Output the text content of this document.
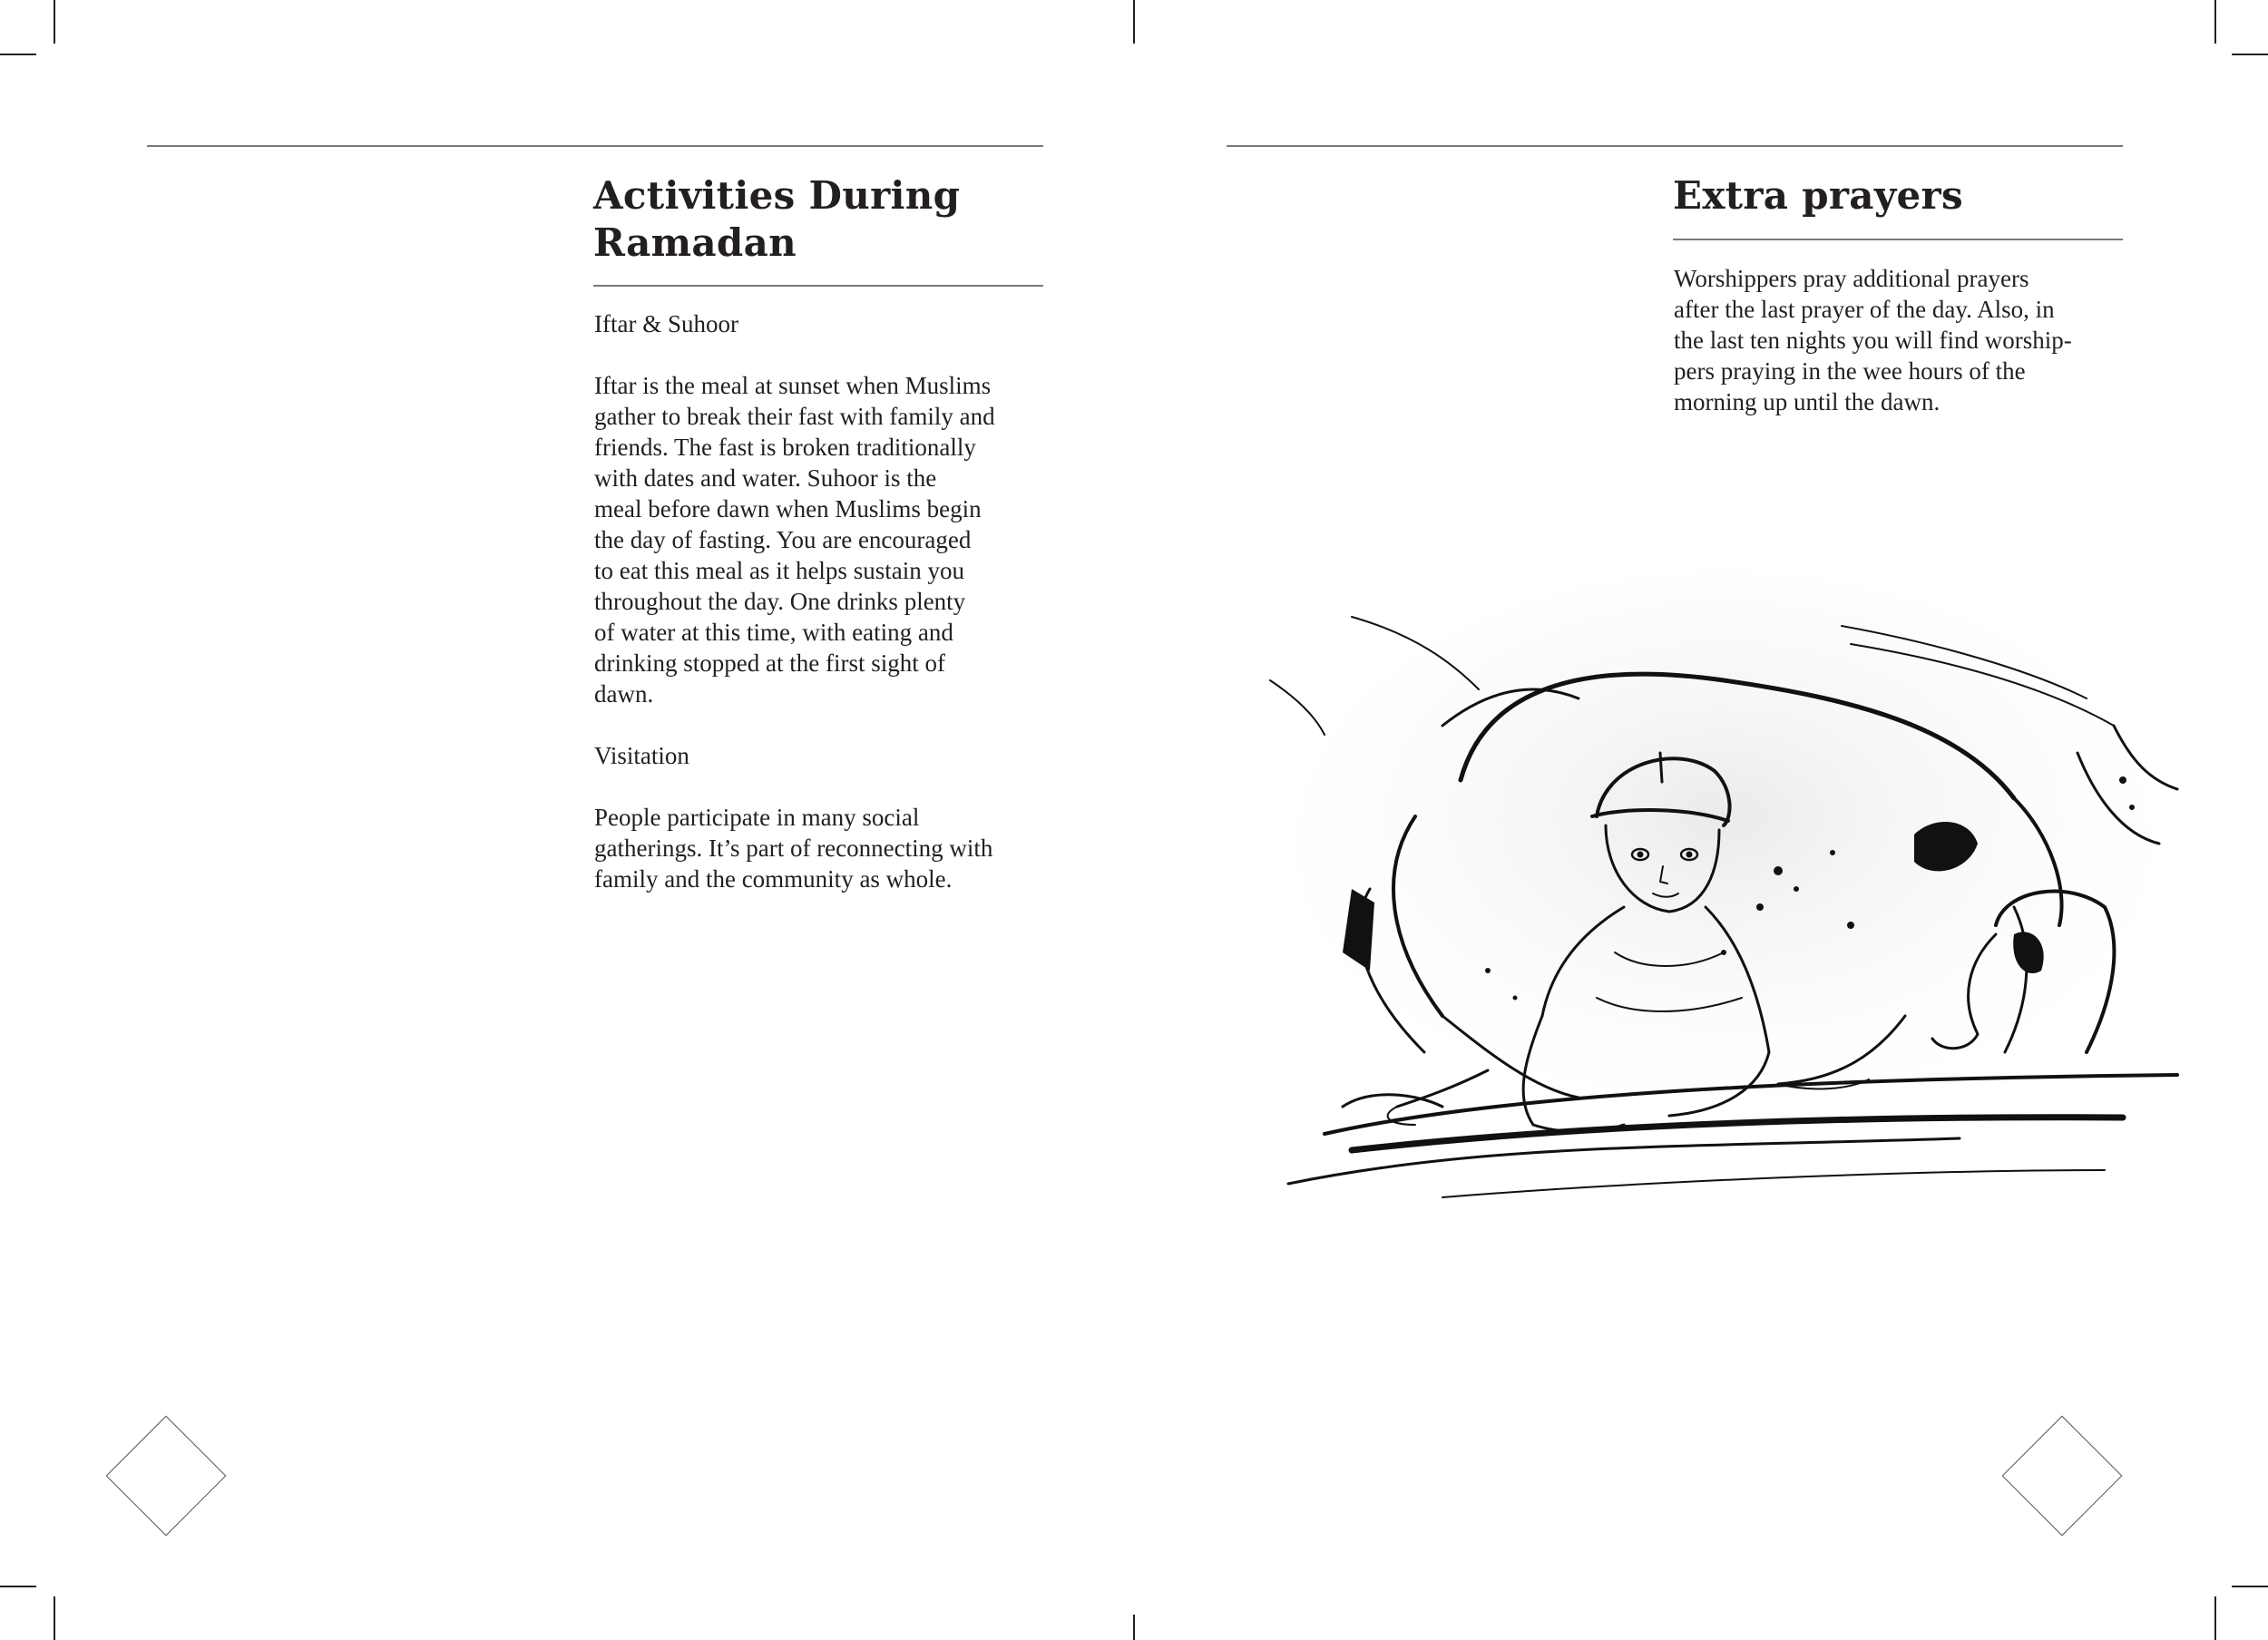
Activities During
Ramadan

Iftar & Suhoor

Iftar is the meal at sunset when Muslims

gather to break their fast with family and

friends. The fast is broken traditionally

with dates and water. Suhoor is the

meal before dawn when Muslims begin

the day of fasting. You are encouraged

to eat this meal as it helps sustain you

throughout the day. One drinks plenty

of water at this time, with eating and

drinking stopped at the first sight of

dawn.

Visitation

People participate in many social

gatherings. It’s part of reconnecting with

family and the community as whole.

Extra prayers

Worshippers pray additional prayers

after the last prayer of the day. Also, in

the last ten nights you will find worship-

pers praying in the wee hours of the

morning up until the dawn.
